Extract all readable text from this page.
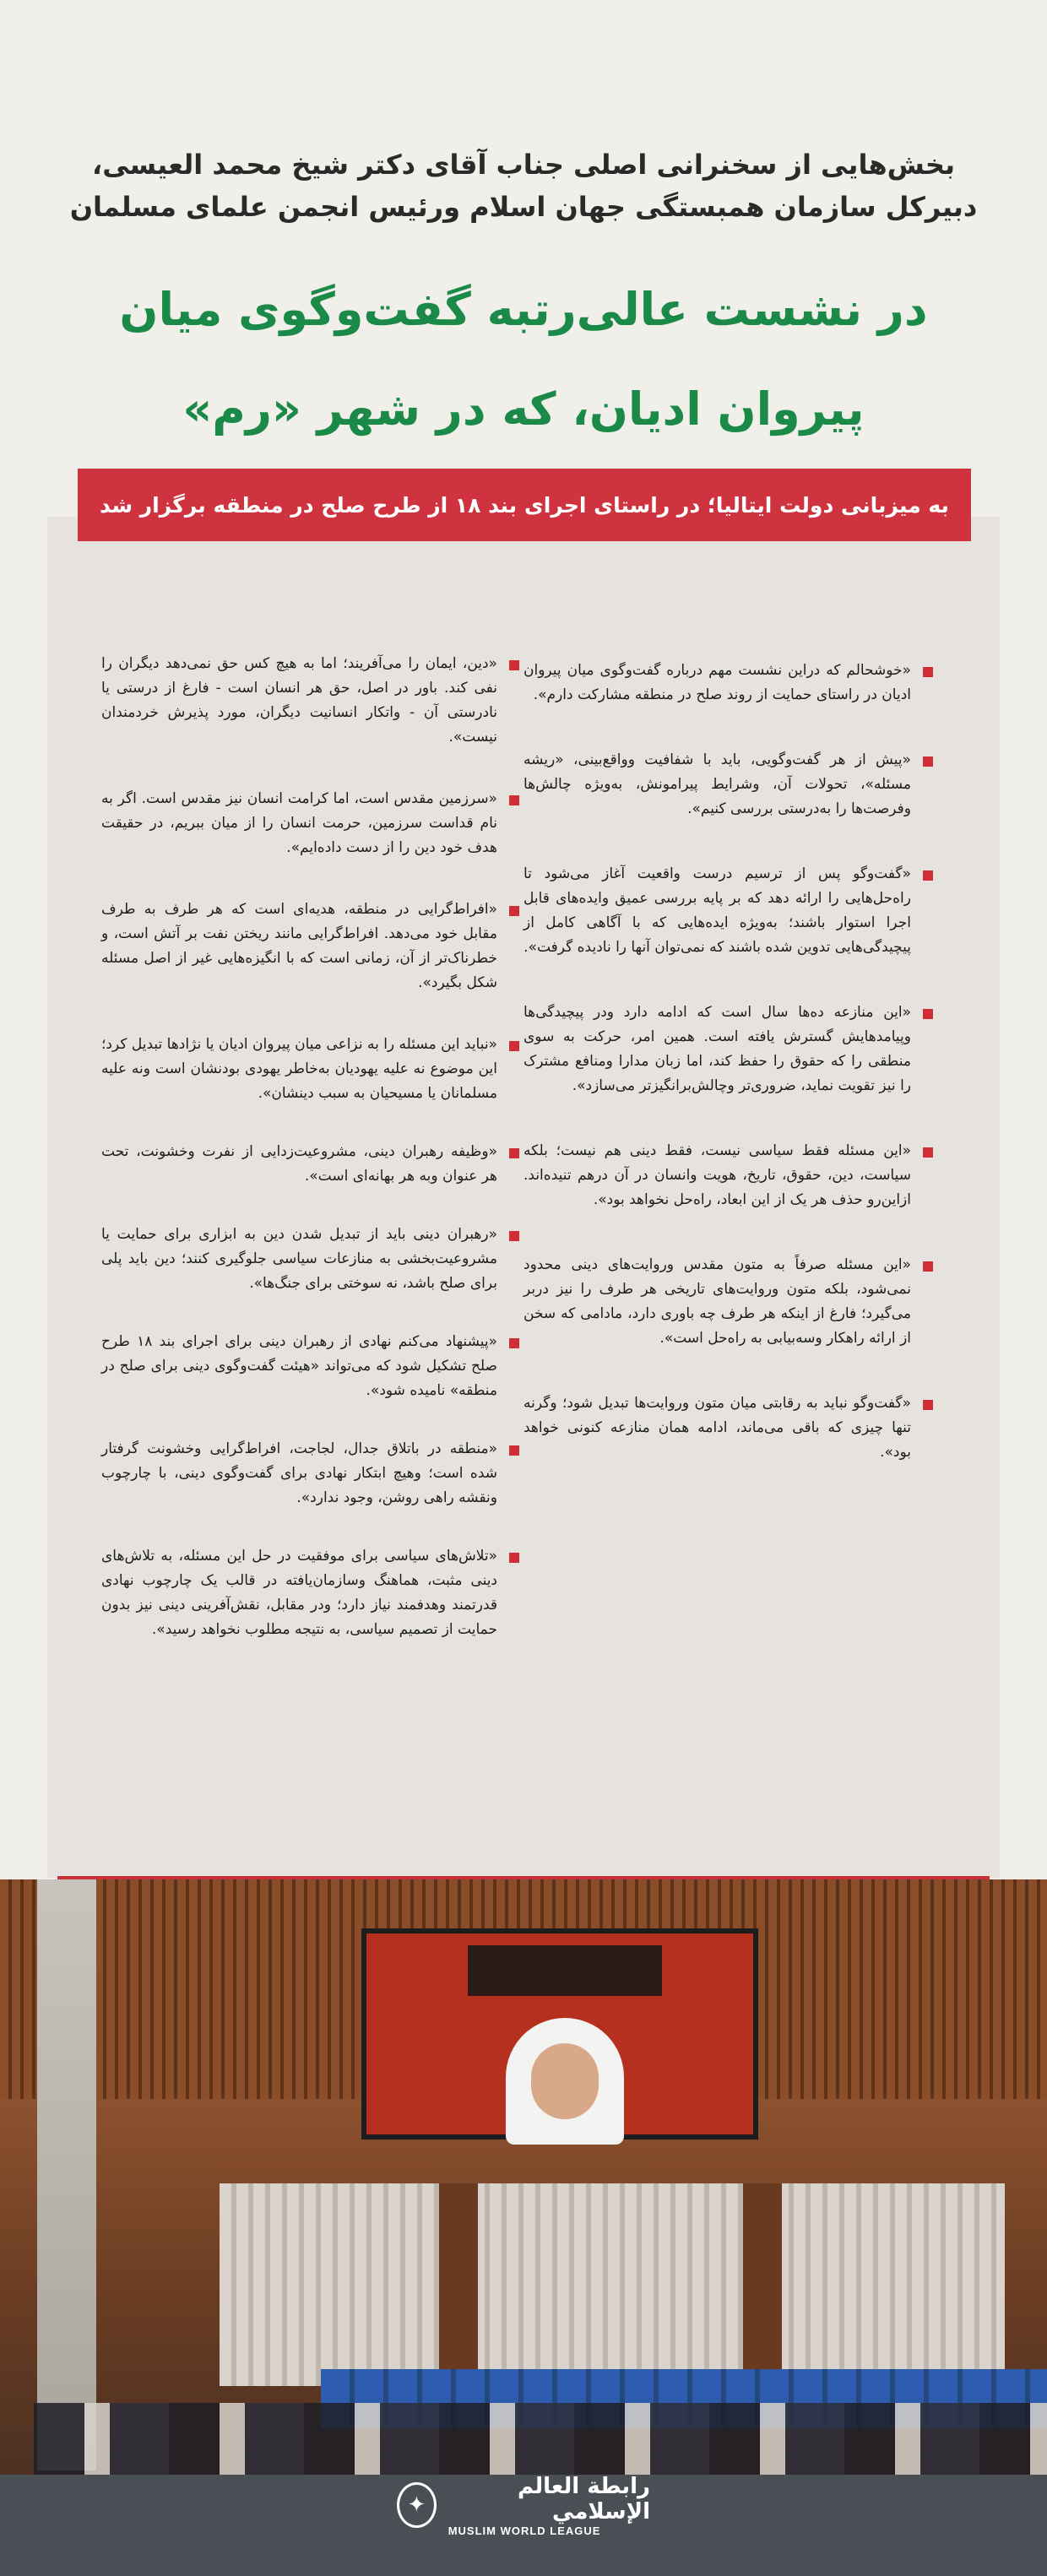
بخش‌هایی از سخنرانی اصلی جناب آقای دکتر شیخ محمد العیسی،
دبیرکل سازمان همبستگی جهان اسلام ورئیس انجمن علمای مسلمان
در نشست عالی‌رتبه گفت‌وگوی میان
پیروان ادیان، که در شهر «رم»
به میزبانی دولت ایتالیا؛ در راستای اجرای بند ۱۸ از طرح صلح در منطقه برگزار شد
«خوشحالم که دراین نشست مهم درباره گفت‌وگوی میان پیروان ادیان در راستای حمایت از روند صلح در منطقه مشارکت دارم».
«پیش از هر گفت‌وگویی، باید با شفافیت وواقع‌بینی، «ریشه مسئله»، تحولات آن، وشرایط پیرامونش، به‌ویژه چالش‌ها وفرصت‌ها را به‌درستی بررسی کنیم».
«گفت‌وگو پس از ترسیم درست واقعیت آغاز می‌شود تا راه‌حل‌هایی را ارائه دهد که بر پایه بررسی عمیق وایده‌های قابل اجرا استوار باشند؛ به‌ویژه ایده‌هایی که با آگاهی کامل از پیچیدگی‌هایی تدوین شده باشند که نمی‌توان آنها را نادیده گرفت».
«این منازعه ده‌ها سال است که ادامه دارد ودر پیچیدگی‌ها وپیامدهایش گسترش یافته است. همین امر، حرکت به سوی منطقی را که حقوق را حفظ کند، اما زبان مدارا ومنافع مشترک را نیز تقویت نماید، ضروری‌تر وچالش‌برانگیزتر می‌سازد».
«این مسئله فقط سیاسی نیست، فقط دینی هم نیست؛ بلکه سیاست، دین، حقوق، تاریخ، هویت وانسان در آن درهم تنیده‌اند. ازاین‌رو حذف هر یک از این ابعاد، راه‌حل نخواهد بود».
«این مسئله صرفاً به متون مقدس وروایت‌های دینی محدود نمی‌شود، بلکه متون وروایت‌های تاریخی هر طرف را نیز دربر می‌گیرد؛ فارغ از اینکه هر طرف چه باوری دارد، مادامی که سخن از ارائه راهکار وسه‌بیابی به راه‌حل است».
«گفت‌وگو نباید به رقابتی میان متون وروایت‌ها تبدیل شود؛ وگرنه تنها چیزی که باقی می‌ماند، ادامه همان منازعه کنونی خواهد بود».
«دین، ایمان را می‌آفریند؛ اما به هیچ کس حق نمی‌دهد دیگران را نفی کند. باور در اصل، حق هر انسان است - فارغ از درستی یا نادرستی آن - واتکار انسانیت دیگران، مورد پذیرش خردمندان نیست».
«سرزمین مقدس است، اما کرامت انسان نیز مقدس است. اگر به نام قداست سرزمین، حرمت انسان را از میان ببریم، در حقیقت هدف خود دین را از دست داده‌ایم».
«افراط‌گرایی در منطقه، هدیه‌ای است که هر طرف به طرف مقابل خود می‌دهد. افراط‌گرایی مانند ریختن نفت بر آتش است، و خطرناک‌تر از آن، زمانی است که با انگیزه‌هایی غیر از اصل مسئله شکل بگیرد».
«نباید این مسئله را به نزاعی میان پیروان ادیان یا نژادها تبدیل کرد؛ این موضوع نه علیه یهودیان به‌خاطر یهودی بودنشان است ونه علیه مسلمانان یا مسیحیان به سبب دینشان».
«وظیفه رهبران دینی، مشروعیت‌زدایی از نفرت وخشونت، تحت هر عنوان وبه هر بهانه‌ای است».
«رهبران دینی باید از تبدیل شدن دین به ابزاری برای حمایت یا مشروعیت‌بخشی به منازعات سیاسی جلوگیری کنند؛ دین باید پلی برای صلح باشد، نه سوختی برای جنگ‌ها».
«پیشنهاد می‌کنم نهادی از رهبران دینی برای اجرای بند ۱۸ طرح صلح تشکیل شود که می‌تواند «هیئت گفت‌وگوی دینی برای صلح در منطقه» نامیده شود».
«منطقه در باتلاق جدال، لجاجت، افراط‌گرایی وخشونت گرفتار شده است؛ وهیچ ابتکار نهادی برای گفت‌وگوی دینی، با چارچوب ونقشه راهی روشن، وجود ندارد».
«تلاش‌های سیاسی برای موفقیت در حل این مسئله، به تلاش‌های دینی مثبت، هماهنگ وسازمان‌یافته در قالب یک چارچوب نهادی قدرتمند وهدفمند نیاز دارد؛ ودر مقابل، نقش‌آفرینی دینی نیز بدون حمایت از تصمیم سیاسی، به نتیجه مطلوب نخواهد رسید».
✦
رابطة العالم الإسلامي
MUSLIM WORLD LEAGUE
